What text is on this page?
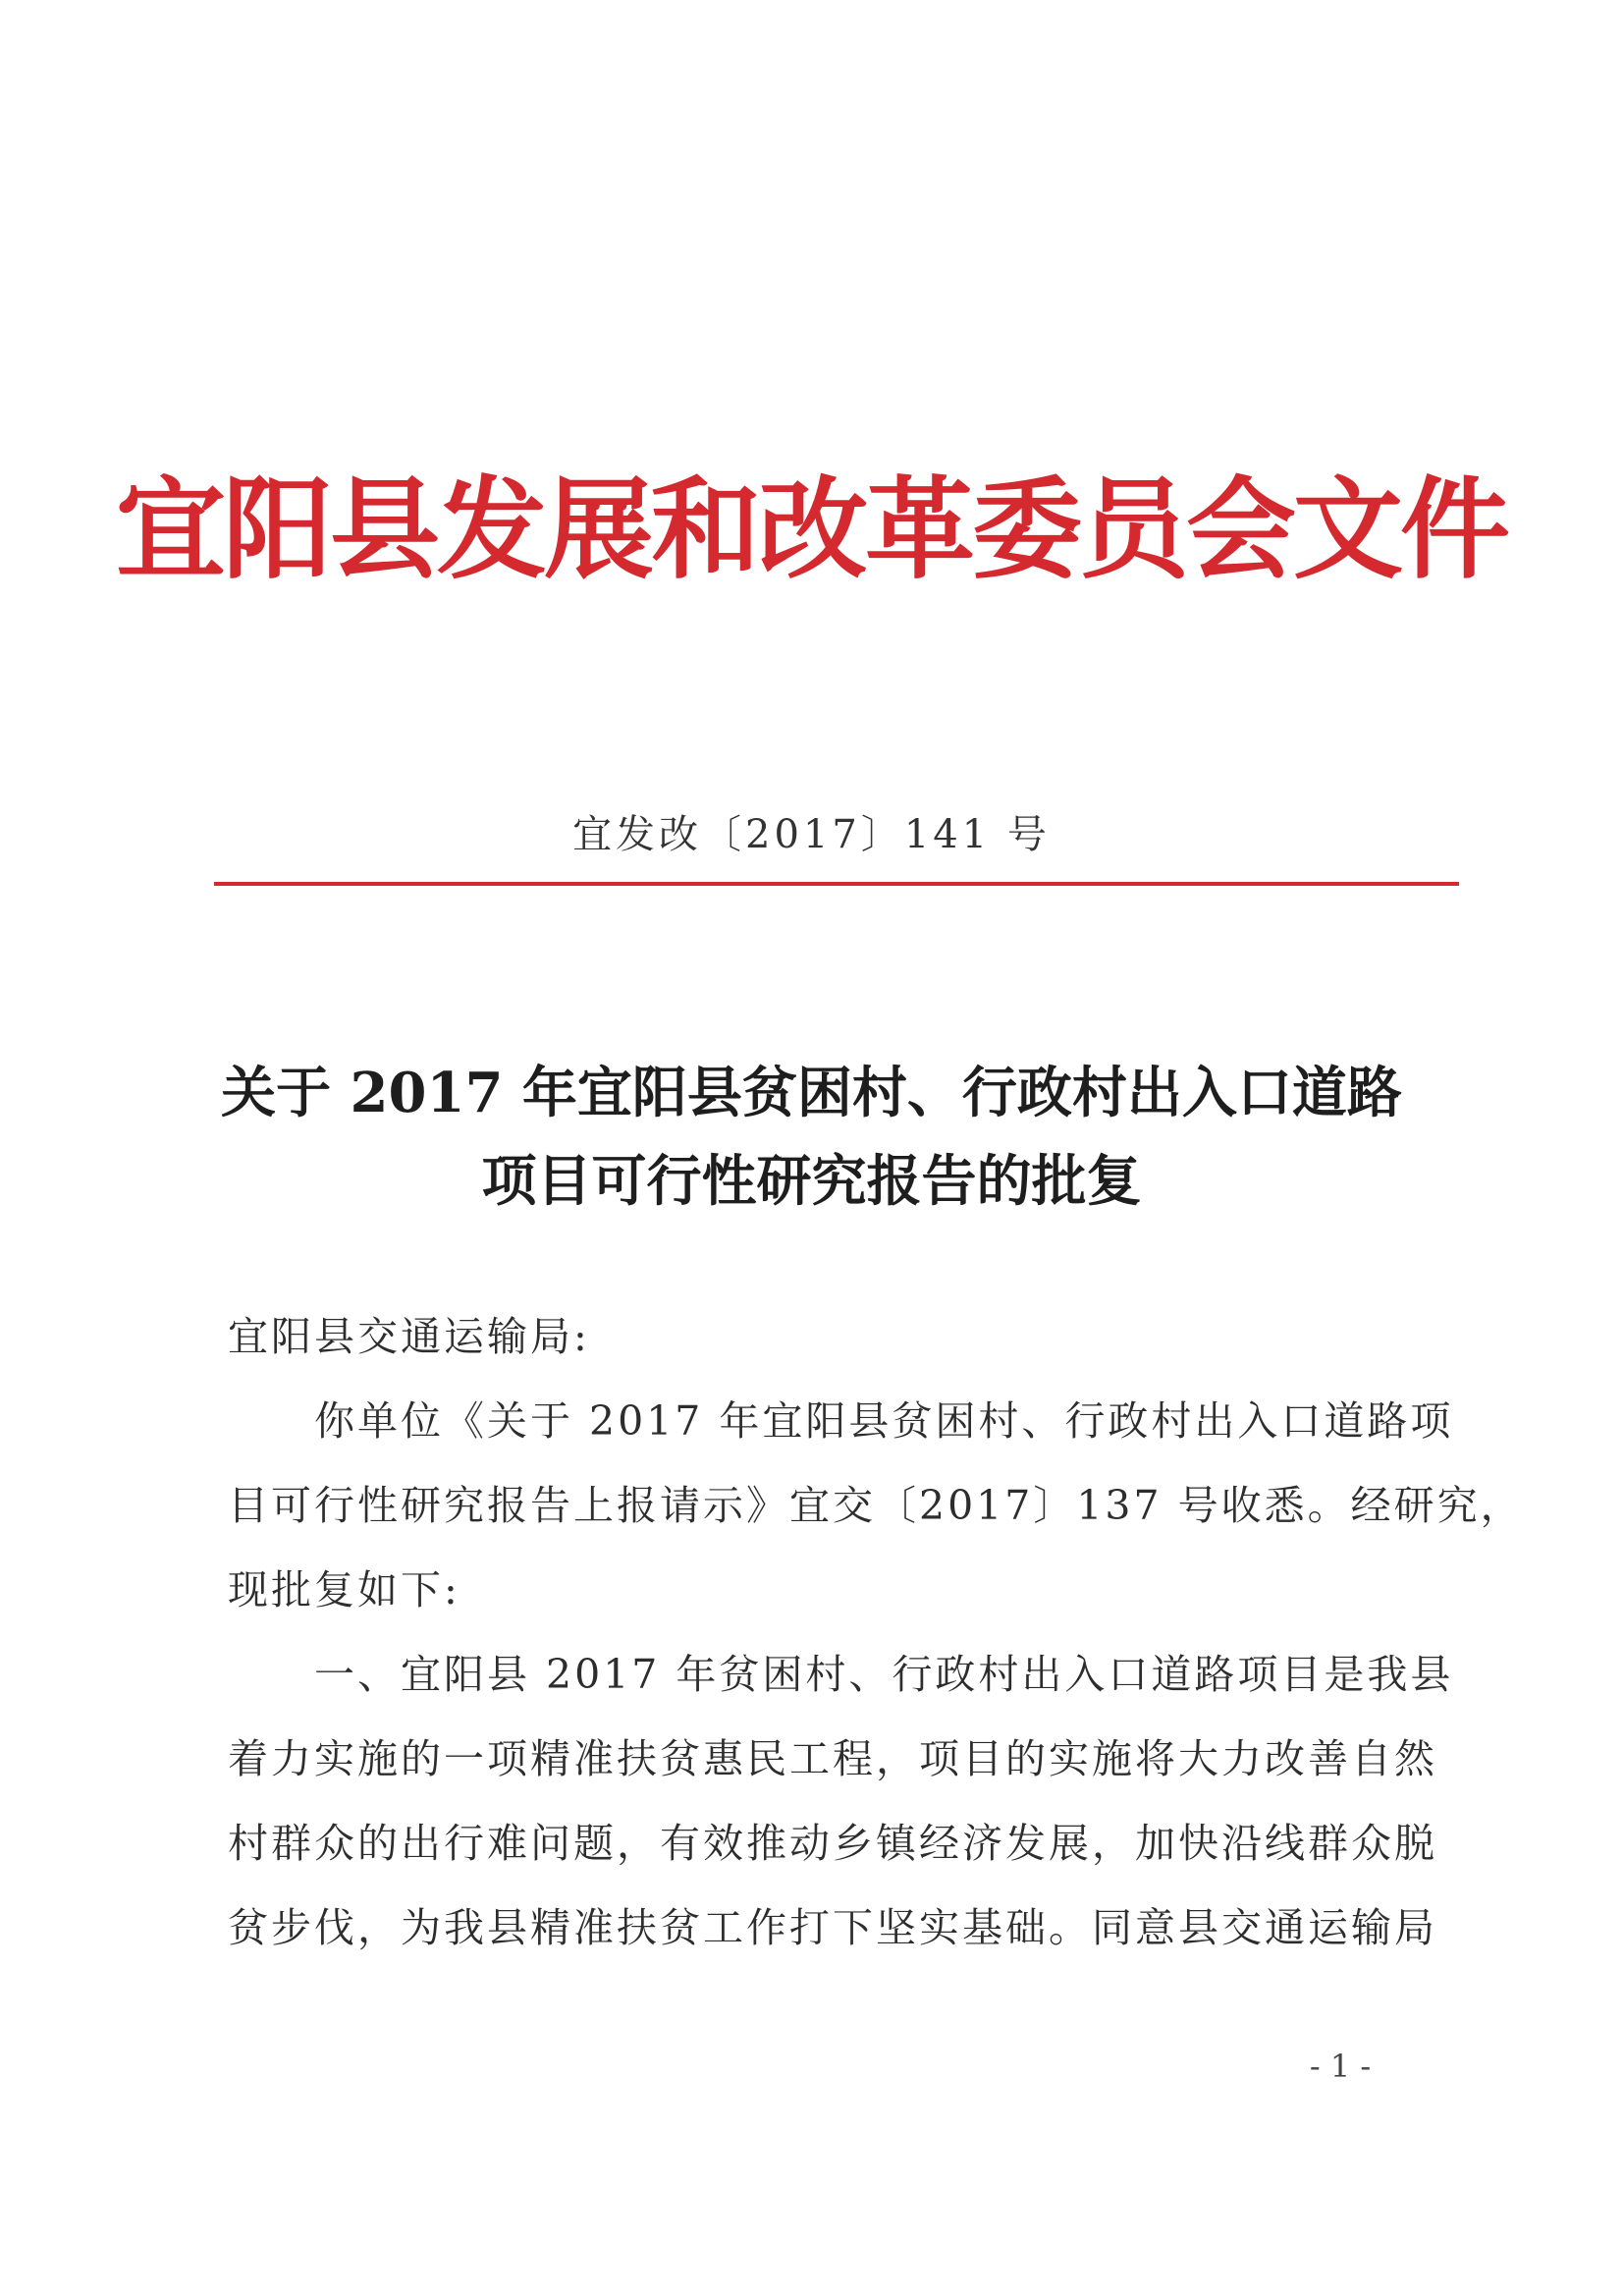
宜阳县发展和改革委员会文件
宜发改〔2017〕141 号
关于 2017 年宜阳县贫困村、行政村出入口道路
项目可行性研究报告的批复
宜阳县交通运输局:
　　你单位《关于 2017 年宜阳县贫困村、行政村出入口道路项
目可行性研究报告上报请示》宜交〔2017〕137 号收悉。经研究，
现批复如下:
　　一、宜阳县 2017 年贫困村、行政村出入口道路项目是我县
着力实施的一项精准扶贫惠民工程，项目的实施将大力改善自然
村群众的出行难问题，有效推动乡镇经济发展，加快沿线群众脱
贫步伐，为我县精准扶贫工作打下坚实基础。同意县交通运输局
- 1 -
